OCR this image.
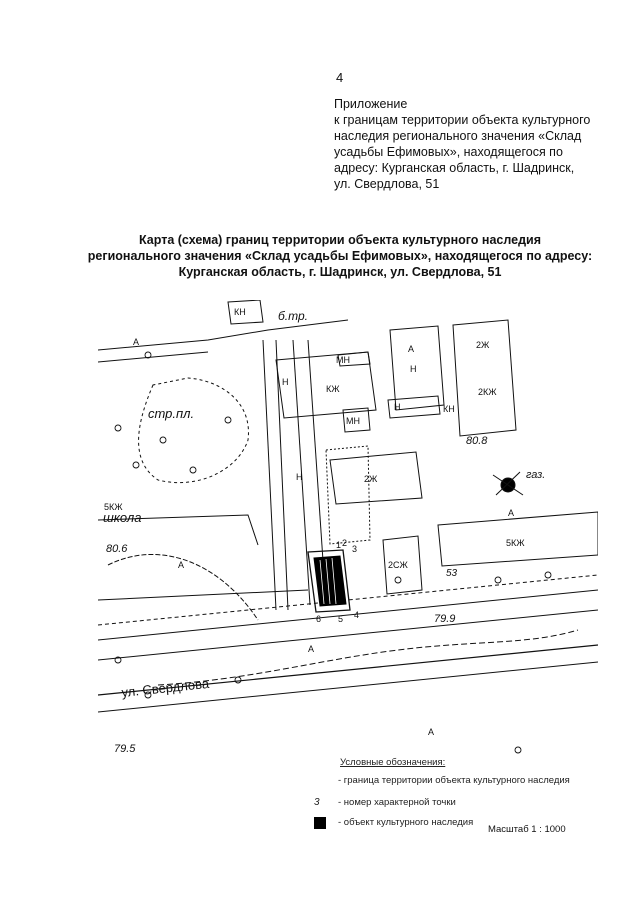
4
Приложение
к границам территории объекта культурного
наследия регионального значения «Склад
усадьбы Ефимовых», находящегося по
адресу: Курганская область, г. Шадринск,
ул. Свердлова, 51
Карта (схема) границ территории объекта культурного наследия
регионального значения «Склад усадьбы Ефимовых», находящегося по адресу:
Курганская область, г. Шадринск, ул. Свердлова, 51
КН	б.тр.
МН
КЖ
МН
Н
2Ж
2КЖ
Н	КН
Н
Н	2Ж
5КЖ
5КЖ
2СЖ
стр.пл.
школа
газ.
ул. Свердлова
80.6
80.8
79.9
79.5
53
А
А
А
А
А
А
1 2
3
4
5
6
Условные обозначения:
- граница территории объекта культурного наследия
3	- номер характерной точки
- объект культурного наследия
Масштаб 1 : 1000
